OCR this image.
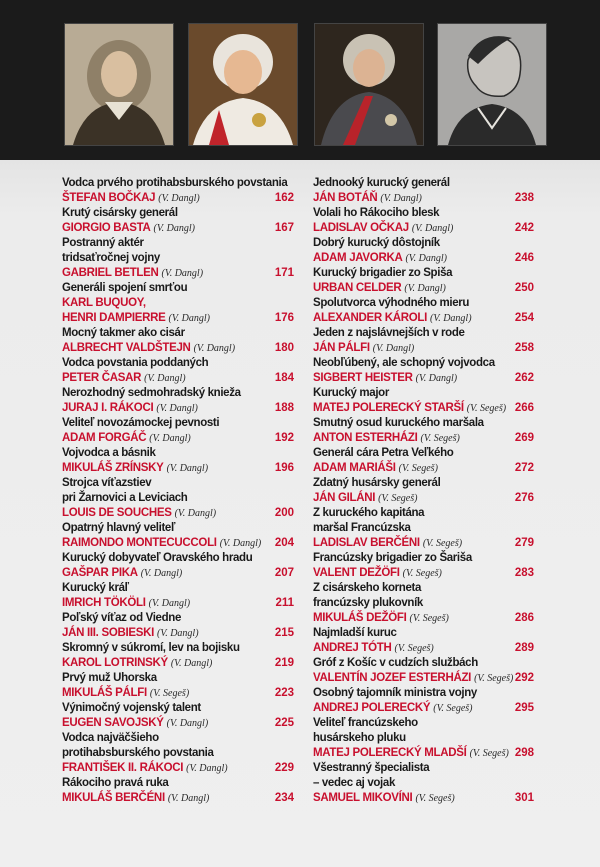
Vodca prvého protihabsburského povstania
ŠTEFAN BOČKAJ (V. Dangl)	162
Krutý cisársky generál
GIORGIO BASTA (V. Dangl)	167
Postranný aktér
tridsaťročnej vojny
GABRIEL BETLEN (V. Dangl)	171
Generáli spojení smrťou
KARL BUQUOY,
HENRI DAMPIERRE (V. Dangl)	176
Mocný takmer ako cisár
ALBRECHT VALDŠTEJN (V. Dangl)	180
Vodca povstania poddaných
PETER ČASAR (V. Dangl)	184
Nerozhodný sedmohradský knieža
JURAJ I. RÁKOCI (V. Dangl)	188
Veliteľ novozámockej pevnosti
ADAM FORGÁČ (V. Dangl)	192
Vojvodca a básnik
MIKULÁŠ ZRÍNSKY (V. Dangl)	196
Strojca víťazstiev
pri Žarnovici a Leviciach
LOUIS DE SOUCHES (V. Dangl)	200
Opatrný hlavný veliteľ
RAIMONDO MONTECUCCOLI (V. Dangl) 204
Kurucký dobyvateľ Oravského hradu
GAŠPAR PIKA (V. Dangl)	207
Kurucký kráľ
IMRICH TÖKÖLI (V. Dangl)	211
Poľský víťaz od Viedne
JÁN III. SOBIESKI (V. Dangl)	215
Skromný v súkromí, lev na bojisku
KAROL LOTRINSKÝ (V. Dangl)	219
Prvý muž Uhorska
MIKULÁŠ PÁLFI (V. Segeš)	223
Výnimočný vojenský talent
EUGEN SAVOJSKÝ (V. Dangl)	225
Vodca najväčšieho
protihabsburského povstania
FRANTIŠEK II. RÁKOCI (V. Dangl)	229
Rákociho pravá ruka
MIKULÁŠ BERČÉNI (V. Dangl)	234
Jednooký kurucký generál
JÁN BOTÁŇ (V. Dangl)	238
Volali ho Rákociho blesk
LADISLAV OČKAJ (V. Dangl)	242
Dobrý kurucký dôstojník
ADAM JAVORKA (V. Dangl)	246
Kurucký brigadier zo Spiša
URBAN CELDER (V. Dangl)	250
Spolutvorca výhodného mieru
ALEXANDER KÁROLI (V. Dangl)	254
Jeden z najslávnejších v rode
JÁN PÁLFI (V. Dangl)	258
Neobľúbený, ale schopný vojvodca
SIGBERT HEISTER (V. Dangl)	262
Kurucký major
MATEJ POLERECKÝ STARŠÍ (V. Segeš) 266
Smutný osud kuruckého maršala
ANTON ESTERHÁZI (V. Segeš)	269
Generál cára Petra Veľkého
ADAM MARIÁŠI (V. Segeš)	272
Zdatný husársky generál
JÁN GILÁNI (V. Segeš)	276
Z kuruckého kapitána
maršal Francúzska
LADISLAV BERČÉNI (V. Segeš)	279
Francúzsky brigadier zo Šariša
VALENT DEŽÖFI (V. Segeš)	283
Z cisárskeho korneta
francúzsky plukovník
MIKULÁŠ DEŽÖFI (V. Segeš)	286
Najmladší kuruc
ANDREJ TÓTH (V. Segeš)	289
Gróf z Košíc v cudzích službách
VALENTÍN JOZEF ESTERHÁZI (V. Segeš) 292
Osobný tajomník ministra vojny
ANDREJ POLERECKÝ (V. Segeš)	295
Veliteľ francúzskeho
husárskeho pluku
MATEJ POLERECKÝ MLADŠÍ (V. Segeš) 298
Všestranný špecialista
– vedec aj vojak
SAMUEL MIKOVÍNI (V. Segeš)	301
